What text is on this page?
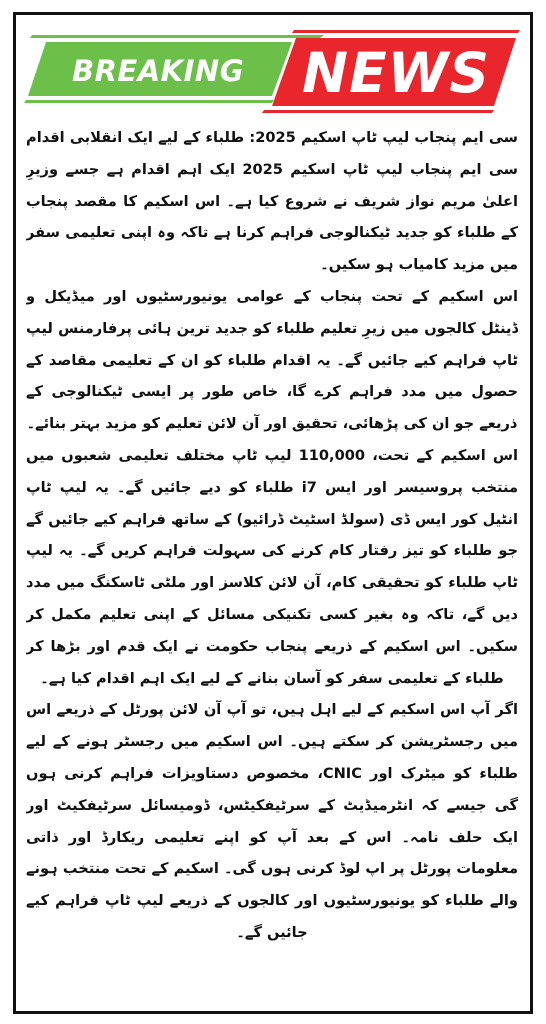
BREAKING NEWS

سی ایم پنجاب لیپ ٹاپ اسکیم 2025: طلباء کے لیے ایک انقلابی اقدام سی ایم پنجاب لیپ ٹاپ اسکیم 2025 ایک اہم اقدام ہے جسے وزیرِ اعلیٰ مریم نواز شریف نے شروع کیا ہے۔ اس اسکیم کا مقصد پنجاب کے طلباء کو جدید ٹیکنالوجی فراہم کرنا ہے تاکہ وہ اپنی تعلیمی سفر میں مزید کامیاب ہو سکیں۔

اس اسکیم کے تحت پنجاب کے عوامی یونیورسٹیوں اور میڈیکل و ڈینٹل کالجوں میں زیرِ تعلیم طلباء کو جدید ترین ہائی پرفارمنس لیپ ٹاپ فراہم کیے جائیں گے۔ یہ اقدام طلباء کو ان کے تعلیمی مقاصد کے حصول میں مدد فراہم کرے گا، خاص طور پر ایسی ٹیکنالوجی کے ذریعے جو ان کی پڑھائی، تحقیق اور آن لائن تعلیم کو مزید بہتر بنائے۔

اس اسکیم کے تحت، 110,000 لیپ ٹاپ مختلف تعلیمی شعبوں میں منتخب پروسیسر اور ایس i7 طلباء کو دیے جائیں گے۔ یہ لیپ ٹاپ انٹیل کور ایس ڈی (سولڈ اسٹیٹ ڈرائیو) کے ساتھ فراہم کیے جائیں گے جو طلباء کو تیز رفتار کام کرنے کی سہولت فراہم کریں گے۔ یہ لیپ ٹاپ طلباء کو تحقیقی کام، آن لائن کلاسز اور ملٹی ٹاسکنگ میں مدد دیں گے، تاکہ وہ بغیر کسی تکنیکی مسائل کے اپنی تعلیم مکمل کر سکیں۔ اس اسکیم کے ذریعے پنجاب حکومت نے ایک قدم اور بڑھا کر طلباء کے تعلیمی سفر کو آسان بنانے کے لیے ایک اہم اقدام کیا ہے۔

اگر آپ اس اسکیم کے لیے اہل ہیں، تو آپ آن لائن پورٹل کے ذریعے اس میں رجسٹریشن کر سکتے ہیں۔ اس اسکیم میں رجسٹر ہونے کے لیے طلباء کو میٹرک اور CNIC، مخصوص دستاویزات فراہم کرنی ہوں گی جیسے کہ انٹرمیڈیٹ کے سرٹیفکیٹس، ڈومیسائل سرٹیفکیٹ اور ایک حلف نامہ۔ اس کے بعد آپ کو اپنے تعلیمی ریکارڈ اور ذاتی معلومات پورٹل پر اپ لوڈ کرنی ہوں گی۔ اسکیم کے تحت منتخب ہونے والے طلباء کو یونیورسٹیوں اور کالجوں کے ذریعے لیپ ٹاپ فراہم کیے جائیں گے۔
